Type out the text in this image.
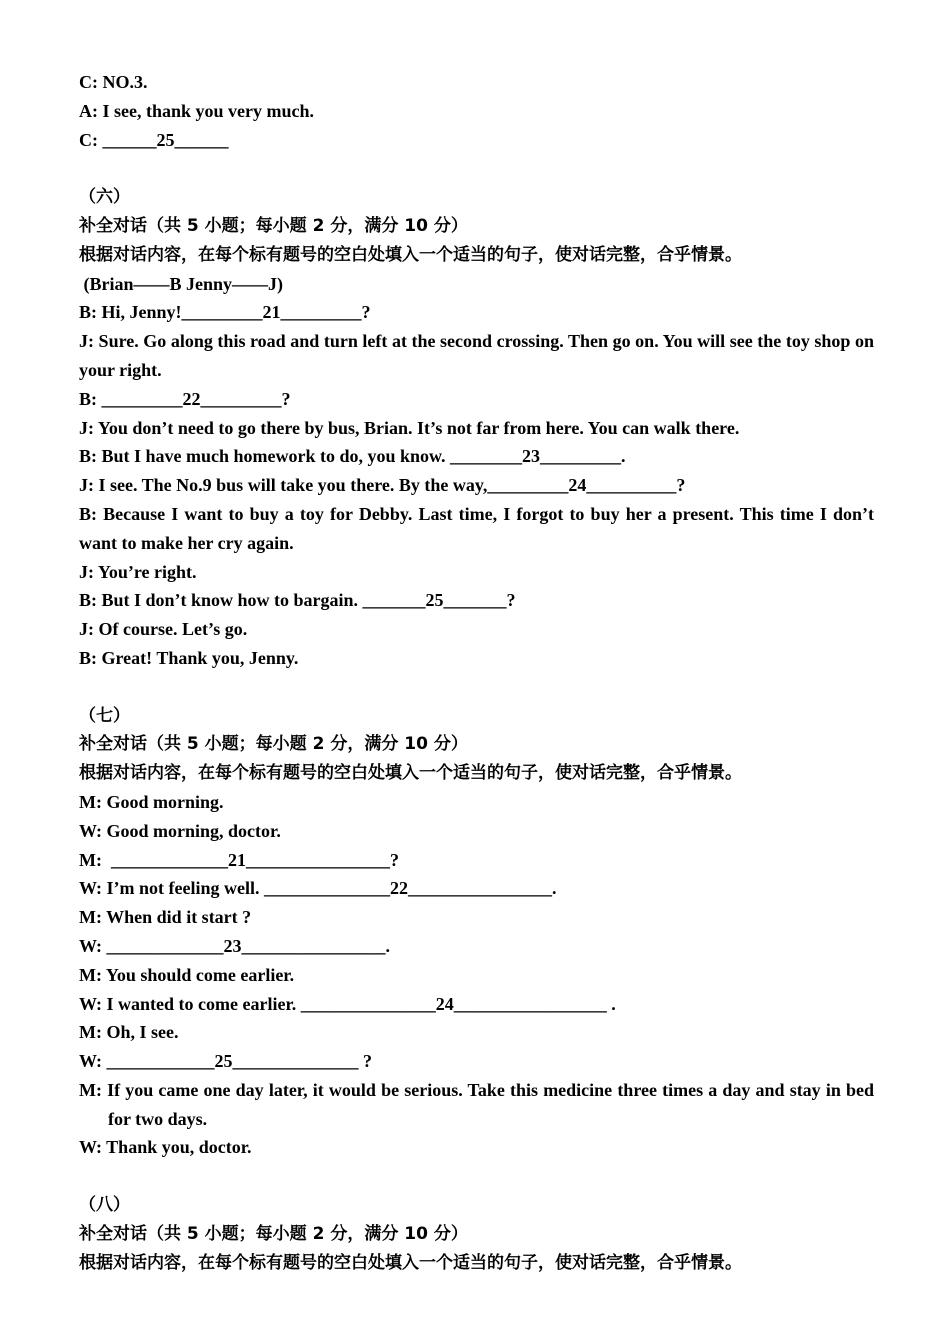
C: NO.3.
A: I see, thank you very much.
C: ______25______
（六）
补全对话（共 5 小题；每小题 2 分，满分 10 分）
根据对话内容，在每个标有题号的空白处填入一个适当的句子，使对话完整，合乎情景。
(Brian——B Jenny——J)
B: Hi, Jenny!_________21_________?
J: Sure. Go along this road and turn left at the second crossing. Then go on. You will see the toy shop on your right.
B: _________22_________?
J: You don’t need to go there by bus, Brian. It’s not far from here. You can walk there.
B: But I have much homework to do, you know. ________23_________.
J: I see. The No.9 bus will take you there. By the way,_________24__________?
B: Because I want to buy a toy for Debby. Last time, I forgot to buy her a present. This time I don’t want to make her cry again.
J: You’re right.
B: But I don’t know how to bargain. _______25_______?
J: Of course. Let’s go.
B: Great! Thank you, Jenny.
（七）
补全对话（共 5 小题；每小题 2 分，满分 10 分）
根据对话内容，在每个标有题号的空白处填入一个适当的句子，使对话完整，合乎情景。
M: Good morning.
W: Good morning, doctor.
M:  _____________21________________?
W: I’m not feeling well. ______________22________________.
M: When did it start ?
W: _____________23________________.
M: You should come earlier.
W: I wanted to come earlier. _______________24_________________ .
M: Oh, I see.
W: ____________25______________ ?
M: If you came one day later, it would be serious. Take this medicine three times a day and stay in bed for two days.
W: Thank you, doctor.
（八）
补全对话（共 5 小题；每小题 2 分，满分 10 分）
根据对话内容，在每个标有题号的空白处填入一个适当的句子，使对话完整，合乎情景。
